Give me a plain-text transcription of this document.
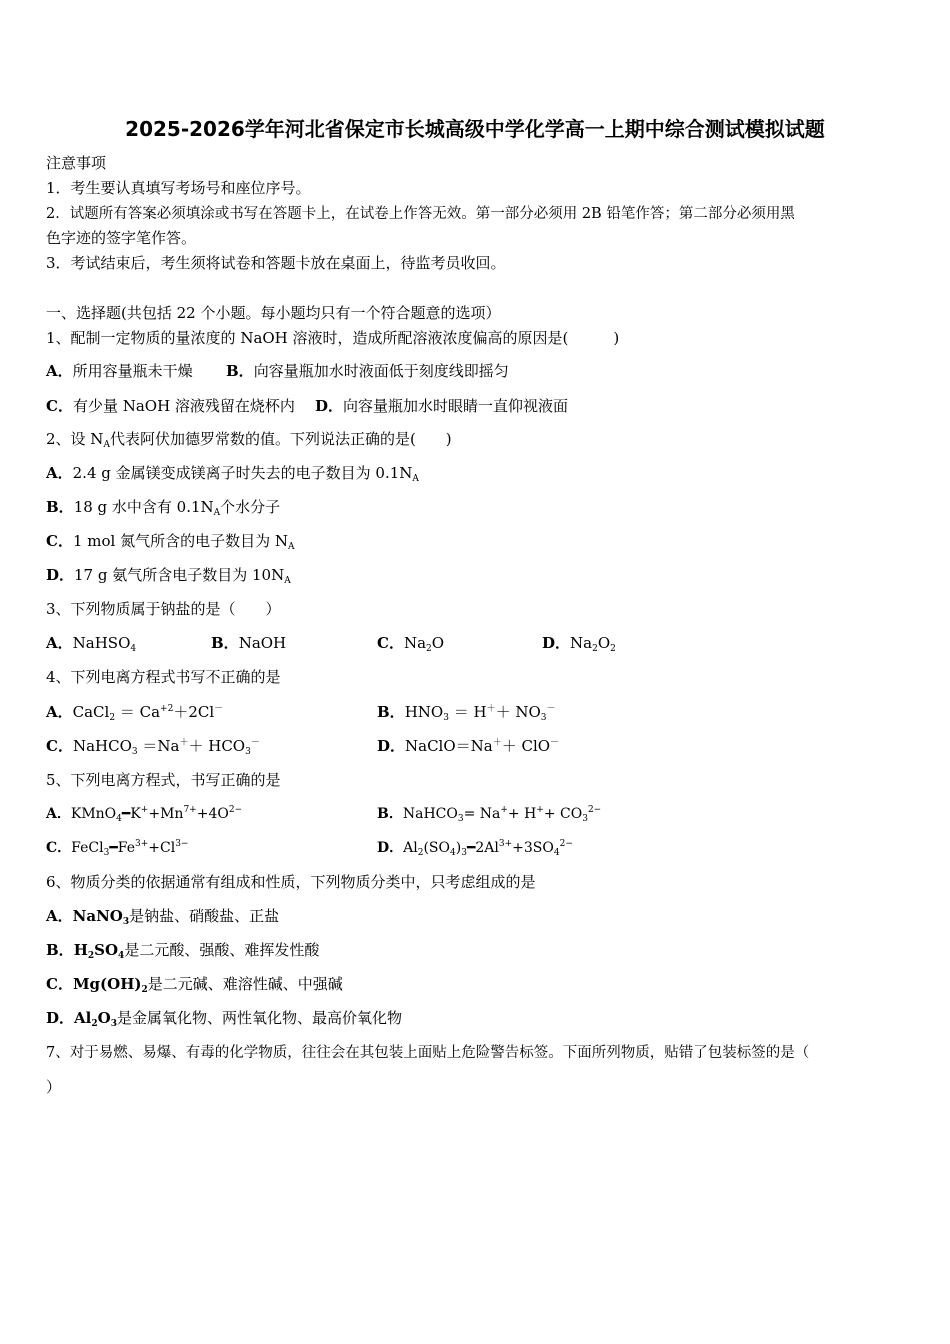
2025-2026学年河北省保定市长城高级中学化学高一上期中综合测试模拟试题
注意事项
1．考生要认真填写考场号和座位序号。
2．试题所有答案必须填涂或书写在答题卡上，在试卷上作答无效。第一部分必须用 2B 铅笔作答；第二部分必须用黑
色字迹的签字笔作答。
3．考试结束后，考生须将试卷和答题卡放在桌面上，待监考员收回。
一、选择题(共包括 22 个小题。每小题均只有一个符合题意的选项）
1、配制一定物质的量浓度的 NaOH 溶液时，造成所配溶液浓度偏高的原因是(　　　)
A．所用容量瓶未干燥 B．向容量瓶加水时液面低于刻度线即摇匀
C．有少量 NaOH 溶液残留在烧杯内 D．向容量瓶加水时眼睛一直仰视液面
2、设 $N_A$代表阿伏加德罗常数的值。下列说法正确的是(　　)
A．2.4 g 金属镁变成镁离子时失去的电子数目为 $0.1N_A$
B．18 g 水中含有 $0.1N_A$个水分子
C．1 mol 氮气所含的电子数目为 $N_A$
D．17 g 氨气所含电子数目为 $10N_A$
3、下列物质属于钠盐的是（　　）
A．NaHSO$_4$	B．NaOH	C．$Na_2O$	D．$Na_2O_2$
4、下列电离方程式书写不正确的是
A．CaCl$_2$ ＝ $Ca^{+2}+2Cl^-$	B．$HNO_3 = H^++ NO_3^-$
C．NaHCO$_3$ $=Na^++ HCO_3^-$	D．NaClO＝Na＋＋ ClO－
5、下列电离方程式，书写正确的是
A．$KMnO_4━K^++Mn^{7+}+4O^{2-}$	B．NaHCO$_3$= $Na^++ H^++ CO_3^{2-}$
C．$FeCl_3━Fe^{3+}+Cl^{3-}$	D．$Al_2(SO_4)_3━2Al^{3+}+3SO_4^{2-}$
6、物质分类的依据通常有组成和性质，下列物质分类中，只考虑组成的是
A．NaNO$_3$是钠盐、硝酸盐、正盐
B．$H_2SO_4$是二元酸、强酸、难挥发性酸
C．$Mg(OH)_2$是二元碱、难溶性碱、中强碱
D．$Al_2O_3$是金属氧化物、两性氧化物、最高价氧化物
7、对于易燃、易爆、有毒的化学物质，往往会在其包装上面贴上危险警告标签。下面所列物质，贴错了包装标签的是（
）
